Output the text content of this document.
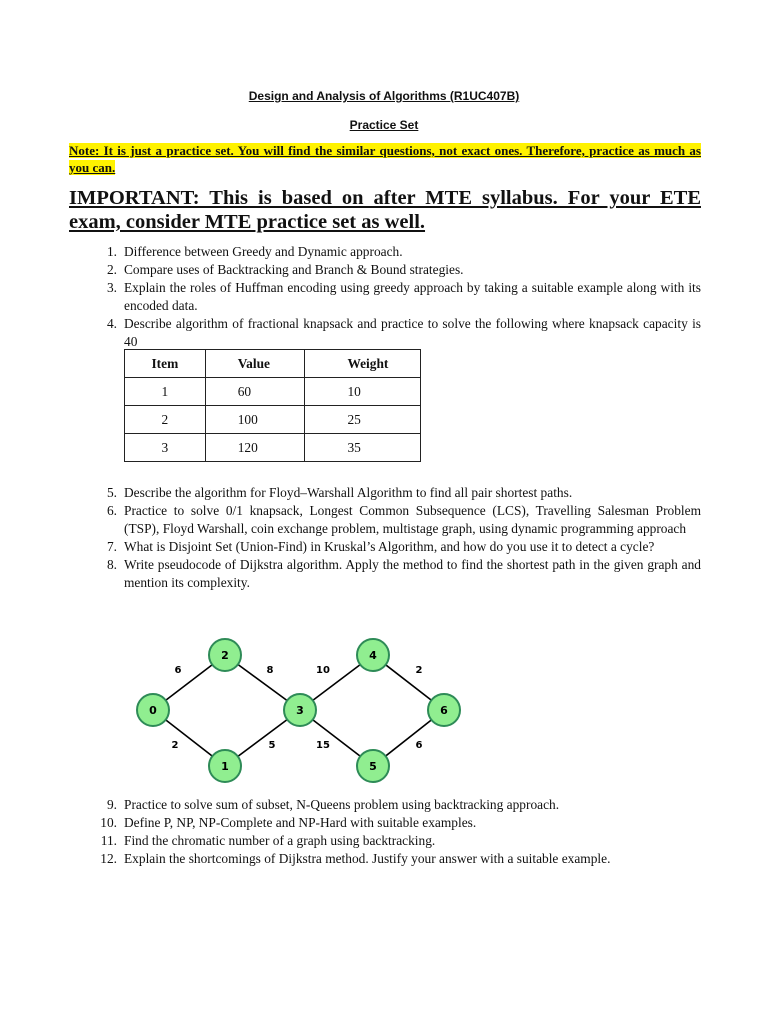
Design and Analysis of Algorithms (R1UC407B)
Practice Set
Note: It is just a practice set. You will find the similar questions, not exact ones. Therefore, practice as much as you can.
IMPORTANT: This is based on after MTE syllabus. For your ETE exam, consider MTE practice set as well.
1. Difference between Greedy and Dynamic approach.
2. Compare uses of Backtracking and Branch & Bound strategies.
3. Explain the roles of Huffman encoding using greedy approach by taking a suitable example along with its encoded data.
4. Describe algorithm of fractional knapsack and practice to solve the following where knapsack capacity is 40
Item	Value	Weight
1	60	10
2	100	25
3	120	35
5. Describe the algorithm for Floyd–Warshall Algorithm to find all pair shortest paths.
6. Practice to solve 0/1 knapsack, Longest Common Subsequence (LCS), Travelling Salesman Problem (TSP), Floyd Warshall, coin exchange problem, multistage graph, using dynamic programming approach
7. What is Disjoint Set (Union-Find) in Kruskal’s Algorithm, and how do you use it to detect a cycle?
8. Write pseudocode of Dijkstra algorithm. Apply the method to find the shortest path in the given graph and mention its complexity.
6
2
8
5
10
15
2
6
0
1
2
3
4
5
6
9. Practice to solve sum of subset, N-Queens problem using backtracking approach.
10. Define P, NP, NP-Complete and NP-Hard with suitable examples.
11. Find the chromatic number of a graph using backtracking.
12. Explain the shortcomings of Dijkstra method. Justify your answer with a suitable example.
